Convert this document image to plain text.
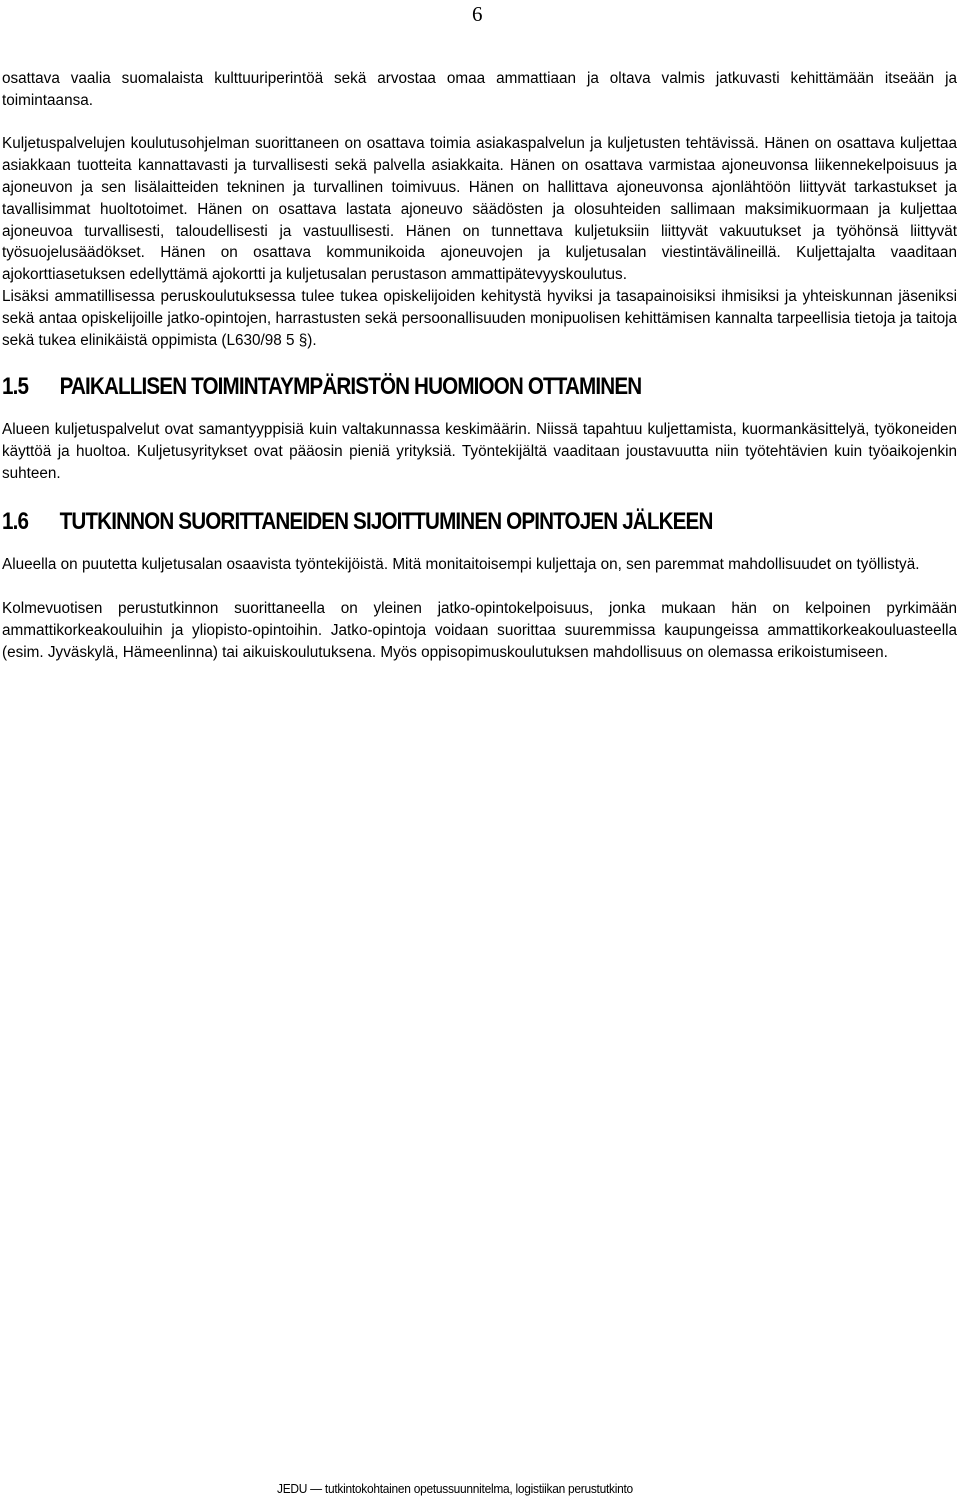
6

osattava vaalia suomalaista kulttuuriperintöä sekä arvostaa omaa ammattiaan ja oltava valmis jatkuvasti kehittämään itseään ja toimintaansa.

Kuljetuspalvelujen koulutusohjelman suorittaneen on osattava toimia asiakaspalvelun ja kuljetusten tehtävissä. Hänen on osattava kuljettaa asiakkaan tuotteita kannattavasti ja turvallisesti sekä palvella asiakkaita. Hänen on osattava varmistaa ajoneuvonsa liikennekelpoisuus ja ajoneuvon ja sen lisälaitteiden tekninen ja turvallinen toimivuus. Hänen on hallittava ajoneuvonsa ajonlähtöön liittyvät tarkastukset ja tavallisimmat huoltotoimet. Hänen on osattava lastata ajoneuvo säädösten ja olosuhteiden sallimaan maksimikuormaan ja kuljettaa ajoneuvoa turvallisesti, taloudellisesti ja vastuullisesti. Hänen on tunnettava kuljetuksiin liittyvät vakuutukset ja työhönsä liittyvät työsuojelusäädökset. Hänen on osattava kommunikoida ajoneuvojen ja kuljetusalan viestintävälineillä. Kuljettajalta vaaditaan ajokorttiasetuksen edellyttämä ajokortti ja kuljetusalan perustason ammattipätevyyskoulutus.

Lisäksi ammatillisessa peruskoulutuksessa tulee tukea opiskelijoiden kehitystä hyviksi ja tasapainoisiksi ihmisiksi ja yhteiskunnan jäseniksi sekä antaa opiskelijoille jatko-opintojen, harrastusten sekä persoonallisuuden monipuolisen kehittämisen kannalta tarpeellisia tietoja ja taitoja sekä tukea elinikäistä oppimista (L630/98 5 §).

1.5	PAIKALLISEN TOIMINTAYMPÄRISTÖN HUOMIOON OTTAMINEN

Alueen kuljetuspalvelut ovat samantyyppisiä kuin valtakunnassa keskimäärin. Niissä tapahtuu kuljettamista, kuormankäsittelyä, työkoneiden käyttöä ja huoltoa. Kuljetusyritykset ovat pääosin pieniä yrityksiä. Työntekijältä vaaditaan joustavuutta niin työtehtävien kuin työaikojenkin suhteen.

1.6	TUTKINNON SUORITTANEIDEN SIJOITTUMINEN OPINTOJEN JÄLKEEN

Alueella on puutetta kuljetusalan osaavista työntekijöistä. Mitä monitaitoisempi kuljettaja on, sen paremmat mahdollisuudet on työllistyä.

Kolmevuotisen perustutkinnon suorittaneella on yleinen jatko-opintokelpoisuus, jonka mukaan hän on kelpoinen pyrkimään ammattikorkeakouluihin ja yliopisto-opintoihin. Jatko-opintoja voidaan suorittaa suuremmissa kaupungeissa ammattikorkeakouluasteella (esim. Jyväskylä, Hämeenlinna) tai aikuiskoulutuksena. Myös oppisopimuskoulutuksen mahdollisuus on olemassa erikoistumiseen.

JEDU — tutkintokohtainen opetussuunnitelma, logistiikan perustutkinto
